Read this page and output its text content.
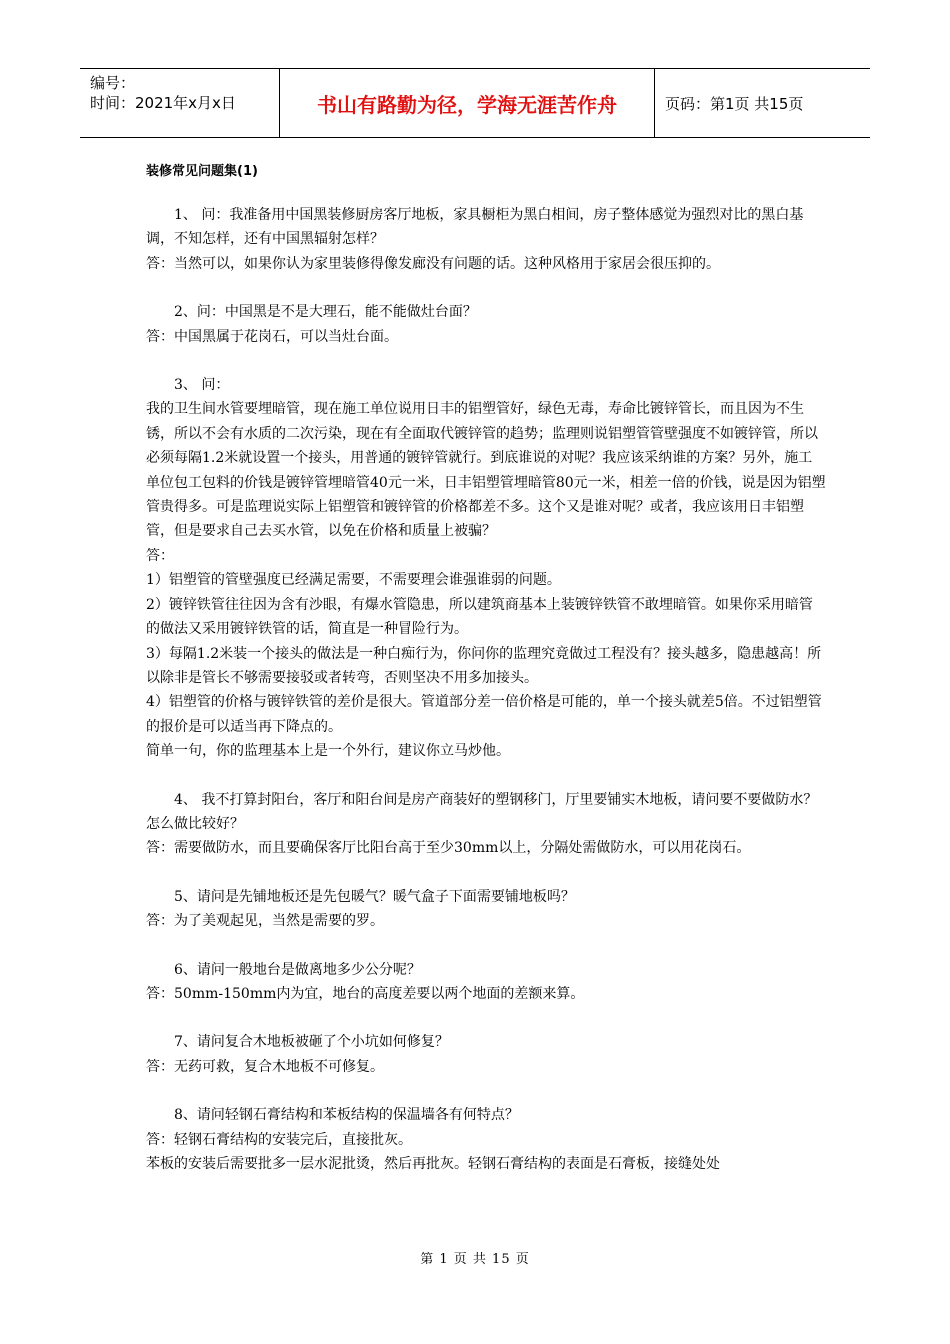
编号：
时间：2021年x月x日	书山有路勤为径，学海无涯苦作舟	页码：第1页 共15页
装修常见问题集(1)

1、 问：我准备用中国黑装修厨房客厅地板，家具橱柜为黑白相间，房子整体感觉为强烈对比的黑白基调，不知怎样，还有中国黑辐射怎样？

答：当然可以，如果你认为家里装修得像发廊没有问题的话。这种风格用于家居会很压抑的。

2、问：中国黑是不是大理石，能不能做灶台面？

答：中国黑属于花岗石，可以当灶台面。

3、 问：

我的卫生间水管要埋暗管，现在施工单位说用日丰的铝塑管好，绿色无毒，寿命比镀锌管长，而且因为不生锈，所以不会有水质的二次污染，现在有全面取代镀锌管的趋势；监理则说铝塑管管壁强度不如镀锌管，所以必须每隔1.2米就设置一个接头，用普通的镀锌管就行。到底谁说的对呢？我应该采纳谁的方案？另外，施工单位包工包料的价钱是镀锌管埋暗管40元一米，日丰铝塑管埋暗管80元一米，相差一倍的价钱，说是因为铝塑管贵得多。可是监理说实际上铝塑管和镀锌管的价格都差不多。这个又是谁对呢？或者，我应该用日丰铝塑管，但是要求自己去买水管，以免在价格和质量上被骗？

答：

1）铝塑管的管壁强度已经满足需要，不需要理会谁强谁弱的问题。

2）镀锌铁管往往因为含有沙眼，有爆水管隐患，所以建筑商基本上装镀锌铁管不敢埋暗管。如果你采用暗管的做法又采用镀锌铁管的话，简直是一种冒险行为。

3）每隔1.2米装一个接头的做法是一种白痴行为，你问你的监理究竟做过工程没有？接头越多，隐患越高！所以除非是管长不够需要接驳或者转弯，否则坚决不用多加接头。

4）铝塑管的价格与镀锌铁管的差价是很大。管道部分差一倍价格是可能的，单一个接头就差5倍。不过铝塑管的报价是可以适当再下降点的。

简单一句，你的监理基本上是一个外行，建议你立马炒他。

4、 我不打算封阳台，客厅和阳台间是房产商装好的塑钢移门，厅里要铺实木地板，请问要不要做防水？怎么做比较好？

答：需要做防水，而且要确保客厅比阳台高于至少30mm以上，分隔处需做防水，可以用花岗石。

5、请问是先铺地板还是先包暖气？暖气盒子下面需要铺地板吗？

答：为了美观起见，当然是需要的罗。

6、请问一般地台是做离地多少公分呢？

答：50mm-150mm内为宜，地台的高度差要以两个地面的差额来算。

7、请问复合木地板被砸了个小坑如何修复？

答：无药可救，复合木地板不可修复。

8、请问轻钢石膏结构和苯板结构的保温墙各有何特点？

答：轻钢石膏结构的安装完后，直接批灰。

苯板的安装后需要批多一层水泥批烫，然后再批灰。轻钢石膏结构的表面是石膏板，接缝处处

第 1 页 共 15 页
